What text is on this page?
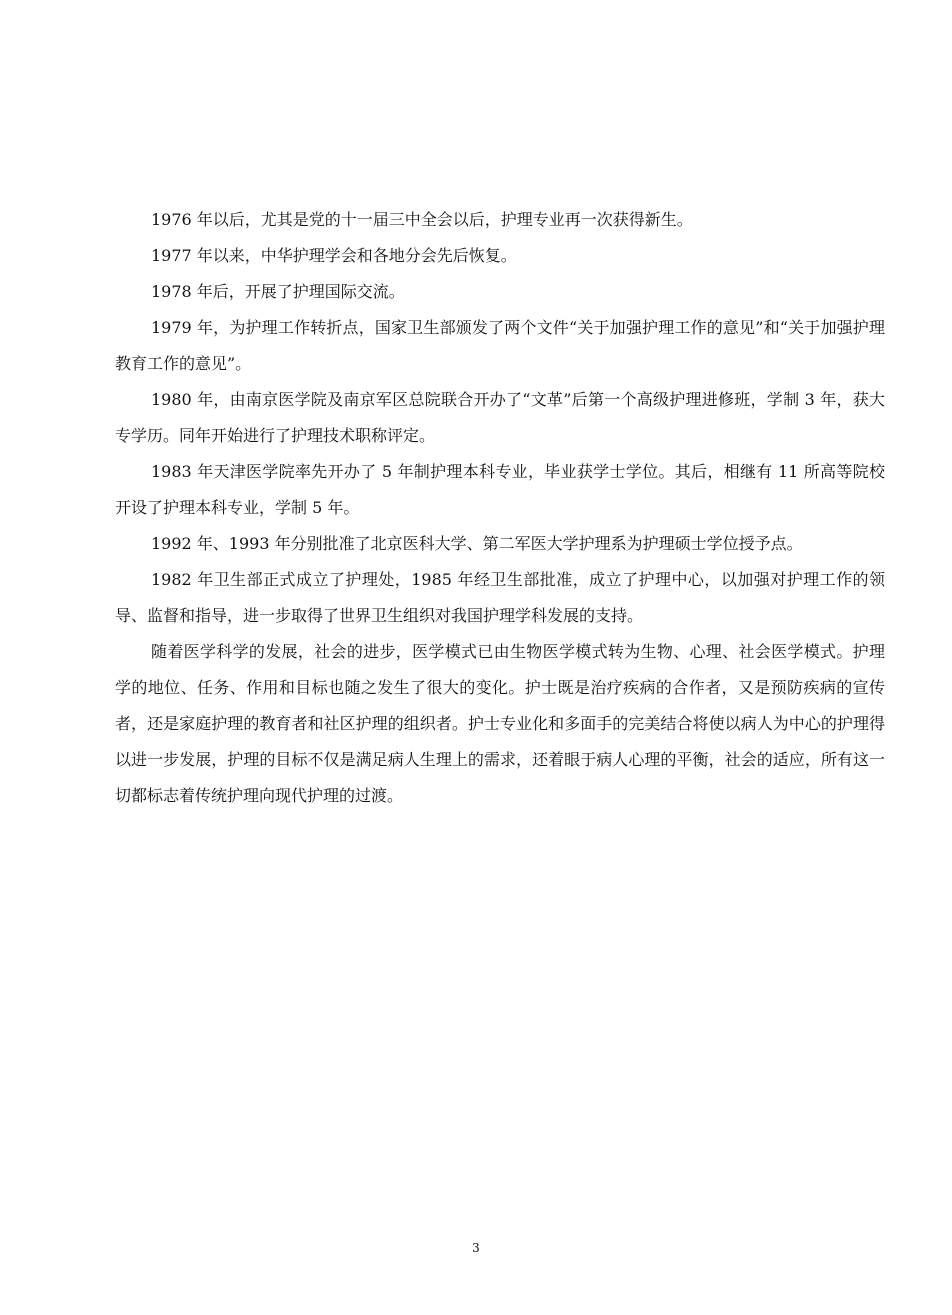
1976 年以后，尤其是党的十一届三中全会以后，护理专业再一次获得新生。

1977 年以来，中华护理学会和各地分会先后恢复。

1978 年后，开展了护理国际交流。

1979 年，为护理工作转折点，国家卫生部颁发了两个文件“关于加强护理工作的意见”和“关于加强护理教育工作的意见”。

1980 年，由南京医学院及南京军区总院联合开办了“文革”后第一个高级护理进修班，学制 3 年，获大专学历。同年开始进行了护理技术职称评定。

1983 年天津医学院率先开办了 5 年制护理本科专业，毕业获学士学位。其后，相继有 11 所高等院校开设了护理本科专业，学制 5 年。

1992 年、1993 年分别批准了北京医科大学、第二军医大学护理系为护理硕士学位授予点。

1982 年卫生部正式成立了护理处，1985 年经卫生部批准，成立了护理中心，以加强对护理工作的领导、监督和指导，进一步取得了世界卫生组织对我国护理学科发展的支持。

随着医学科学的发展，社会的进步，医学模式已由生物医学模式转为生物、心理、社会医学模式。护理学的地位、任务、作用和目标也随之发生了很大的变化。护士既是治疗疾病的合作者，又是预防疾病的宣传者，还是家庭护理的教育者和社区护理的组织者。护士专业化和多面手的完美结合将使以病人为中心的护理得以进一步发展，护理的目标不仅是满足病人生理上的需求，还着眼于病人心理的平衡，社会的适应，所有这一切都标志着传统护理向现代护理的过渡。

3
